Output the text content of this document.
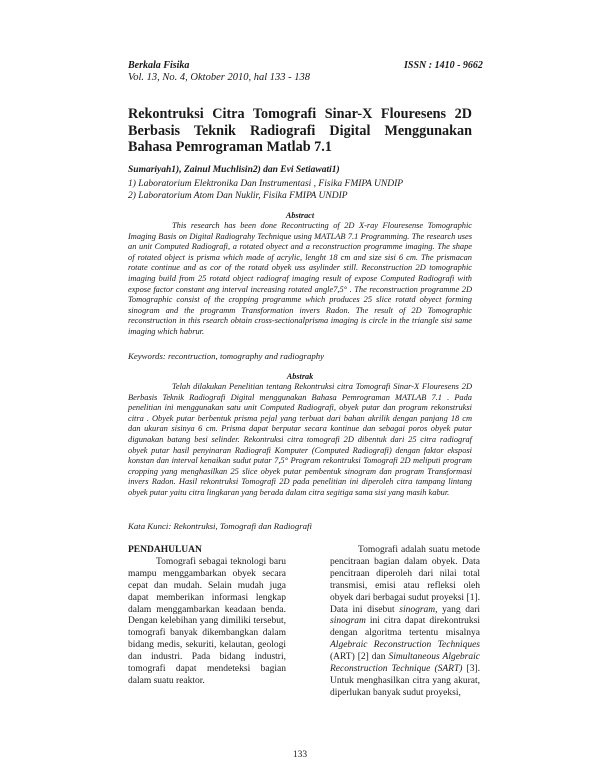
Berkala Fisika	ISSN : 1410 - 9662
Vol. 13, No. 4, Oktober 2010, hal 133 - 138
Rekontruksi Citra Tomografi Sinar-X Flouresens 2D Berbasis Teknik Radiografi Digital Menggunakan Bahasa Pemrograman Matlab 7.1
Sumariyah1), Zainul Muchlisin2) dan Evi Setiawati1)
1) Laboratorium Elektronika Dan Instrumentasi , Fisika FMIPA UNDIP
2) Laboratorium Atom Dan Nuklir, Fisika FMIPA UNDIP
Abstract

This research has been done Recontructing of 2D X-ray Flouresense Tomographic Imaging Basis on Digital Radiograhy Technique using MATLAB 7.1 Programming. The research uses an unit Computed Radiografi, a rotated obyect and a reconstruction programme imaging. The shape of rotated object is prisma which made of acrylic, lenght 18 cm and size sisi 6 cm. The prismacan rotate continue and as cor of the rotatd obyek uss asylinder still. Reconstruction 2D tomographic imaging build from 25 rotatd object radiograf imaging result of expose Computed Radiografi with expose factor constant ang interval increasing rotated angle7,5° . The reconstruction programme 2D Tomographic consist of the cropping programme which produces 25 slice rotatd obyect forming sinogram and the programm Transformation invers Radon. The result of 2D Tomographic reconstruction in this rsearch obtain cross-sectionalprisma imaging is circle in the triangle sisi same imaging which habrur.

Keywords: recontruction, tomography and radiography
Abstrak

Telah dilakukan Penelitian tentang Rekontruksi citra Tomografi Sinar-X Flouresens 2D Berbasis Teknik Radiografi Digital menggunakan Bahasa Pemrograman MATLAB 7.1 . Pada penelitian ini menggunakan satu unit Computed Radiografi, obyek putar dan program rekonstruksi citra . Obyek putar berbentuk prisma pejal yang terbuat dari bahan akrilik dengan panjang 18 cm dan ukuran sisinya 6 cm. Prisma dapat berputar secara kontinue dan sebagai poros obyek putar digunakan batang besi selinder. Rekontruksi citra tomografi 2D dibentuk dari 25 citra radiograf obyek putar hasil penyinaran Radiografi Komputer (Computed Radiografi) dengan faktor eksposi konstan dan interval kenaikan sudut putar 7,5° Program rekontruksi Tomografi 2D meliputi program cropping yang menghasilkan 25 slice obyek putar pembentuk sinogram dan program Transformasi invers Radon. Hasil rekontruksi Tomografi 2D pada penelitian ini diperoleh citra tampang lintang obyek putar yaitu citra lingkaran yang berada dalam citra segitiga sama sisi yang masih kabur.

Kata Kunci: Rekontruksi, Tomografi dan Radiografi
PENDAHULUAN

Tomografi sebagai teknologi baru mampu menggambarkan obyek secara cepat dan mudah. Selain mudah juga dapat memberikan informasi lengkap dalam menggambarkan keadaan benda. Dengan kelebihan yang dimiliki tersebut, tomografi banyak dikembangkan dalam bidang medis, sekuriti, kelautan, geologi dan industri. Pada bidang industri, tomografi dapat mendeteksi bagian dalam suatu reaktor.

Tomografi adalah suatu metode pencitraan bagian dalam obyek. Data pencitraan diperoleh dari nilai total transmisi, emisi atau refleksi oleh obyek dari berbagai sudut proyeksi [1]. Data ini disebut sinogram, yang dari sinogram ini citra dapat direkontruksi dengan algoritma tertentu misalnya Algebraic Reconstruction Techniques (ART) [2] dan Simultaneous Algebraic Reconstruction Technique (SART) [3]. Untuk menghasilkan citra yang akurat, diperlukan banyak sudut proyeksi,

133
